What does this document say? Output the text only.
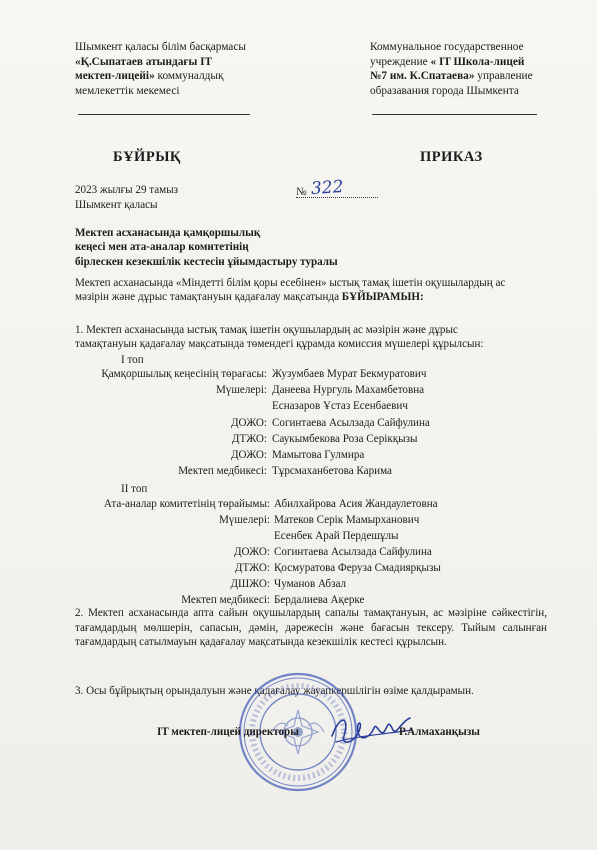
Шымкент қаласы білім басқармасы
«Қ.Сыпатаев атындағы IT
мектеп-лицейі» коммуналдық
мемлекеттік мекемесі
Коммунальное государственное
учреждение « IT Школа-лицей
№7 им. К.Спатаева» управление
образавания города Шымкента
БҰЙРЫҚ	ПРИКАЗ
2023 жылғы 29 тамыз	№ 322
Шымкент қаласы
Мектеп асханасында қамқоршылық
кеңесі мен ата-аналар комитетінің
бірлескен кезекшілік кестесін ұйымдастыру туралы
Мектеп асханасында «Міндетті білім қоры есебінен» ыстық тамақ ішетін оқушылардың ас
мәзірін және дұрыс тамақтануын қадағалау мақсатында БҰЙЫРАМЫН:
1. Мектеп асханасында ыстық тамақ ішетін оқушылардың ас мәзірін және дұрыс
тамақтануын қадағалау мақсатында төмендегі құрамда комиссия мүшелері құрылсын:
І топ
Қамқоршылық кеңесінің төрағасы: Жузумбаев Мурат Бекмуратович
Мүшелері: Данеева Нургуль Махамбетовна
Есназаров Ұстаз Есенбаевич
ДОЖО: Согинтаева Асылзада Сайфулина
ДТЖО: Саукымбекова Роза Серікқызы
ДОЖО: Мамытова Гулмира
Мектеп медбикесі: Тұрсмахан6етова Карима
ІІ топ
Ата-аналар комитетінің төрайымы: Абилхайрова Асия Жандаулетовна
Мүшелері: Матеков Серік Мамырханович
Есенбек Арай Пердешұлы
ДОЖО: Согинтаева Асылзада Сайфулина
ДТЖО: Қосмуратова Феруза Смадиярқызы
ДШЖО: Чуманов Абзал
Мектеп медбикесі: Бердалиева Ақерке
2. Мектеп асханасында апта сайын оқушылардың сапалы тамақтануын, ас мәзіріне сәйкестігін, тағамдардың мөлшерін, сапасын, дәмін, дәрежесін және бағасын тексеру. Тыйым салынған тағамдардың сатылмауын қадағалау мақсатында кезекшілік кестесі құрылсын.
3. Осы бұйрықтың орындалуын және қадағалау жауапкершілігін өзіме қалдырамын.
IT мектеп-лицей директоры	Р.Алмаханқызы
